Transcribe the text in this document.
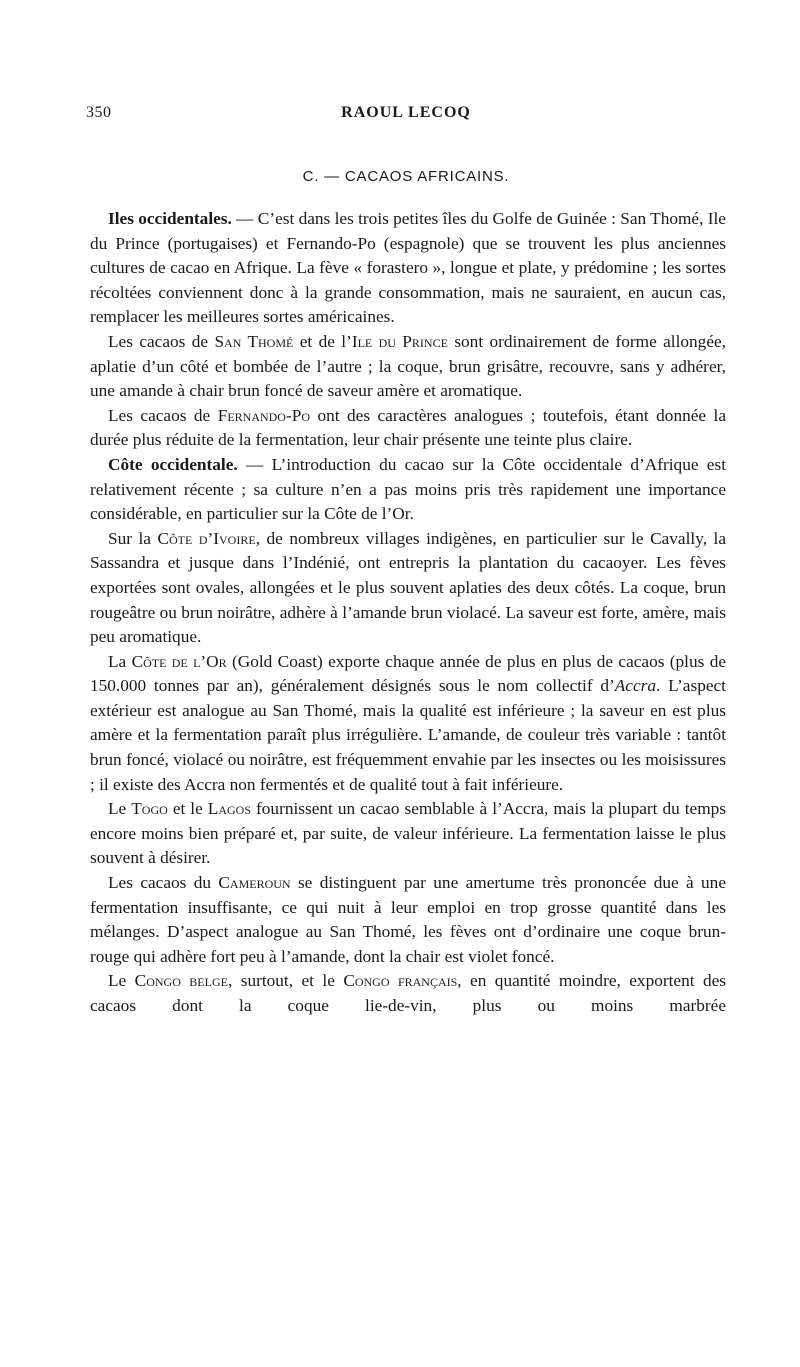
350	RAOUL LECOQ
C. — CACAOS AFRICAINS.

Iles occidentales. — C’est dans les trois petites îles du Golfe de Guinée : San Thomé, Ile du Prince (portugaises) et Fernando-Po (espagnole) que se trouvent les plus anciennes cultures de cacao en Afrique. La fève « forastero », longue et plate, y prédomine ; les sortes récoltées conviennent donc à la grande consommation, mais ne sauraient, en aucun cas, remplacer les meilleures sortes américaines.

Les cacaos de San Thomé et de l’Ile du Prince sont ordinairement de forme allongée, aplatie d’un côté et bombée de l’autre ; la coque, brun grisâtre, recouvre, sans y adhérer, une amande à chair brun foncé de saveur amère et aromatique.

Les cacaos de Fernando-Po ont des caractères analogues ; toutefois, étant donnée la durée plus réduite de la fermentation, leur chair présente une teinte plus claire.

Côte occidentale. — L’introduction du cacao sur la Côte occidentale d’Afrique est relativement récente ; sa culture n’en a pas moins pris très rapidement une importance considérable, en particulier sur la Côte de l’Or.

Sur la Côte d’Ivoire, de nombreux villages indigènes, en particulier sur le Cavally, la Sassandra et jusque dans l’Indénié, ont entrepris la plantation du cacaoyer. Les fèves exportées sont ovales, allongées et le plus souvent aplaties des deux côtés. La coque, brun rougeâtre ou brun noirâtre, adhère à l’amande brun violacé. La saveur est forte, amère, mais peu aromatique.

La Côte de l’Or (Gold Coast) exporte chaque année de plus en plus de cacaos (plus de 150.000 tonnes par an), généralement désignés sous le nom collectif d’Accra. L’aspect extérieur est analogue au San Thomé, mais la qualité est inférieure ; la saveur en est plus amère et la fermentation paraît plus irrégulière. L’amande, de couleur très variable : tantôt brun foncé, violacé ou noirâtre, est fréquemment envahie par les insectes ou les moisissures ; il existe des Accra non fermentés et de qualité tout à fait inférieure.

Le Togo et le Lagos fournissent un cacao semblable à l’Accra, mais la plupart du temps encore moins bien préparé et, par suite, de valeur inférieure. La fermentation laisse le plus souvent à désirer.

Les cacaos du Cameroun se distinguent par une amertume très prononcée due à une fermentation insuffisante, ce qui nuit à leur emploi en trop grosse quantité dans les mélanges. D’aspect analogue au San Thomé, les fèves ont d’ordinaire une coque brun-rouge qui adhère fort peu à l’amande, dont la chair est violet foncé.

Le Congo belge, surtout, et le Congo français, en quantité moindre, exportent des cacaos dont la coque lie-de-vin, plus ou moins marbrée
